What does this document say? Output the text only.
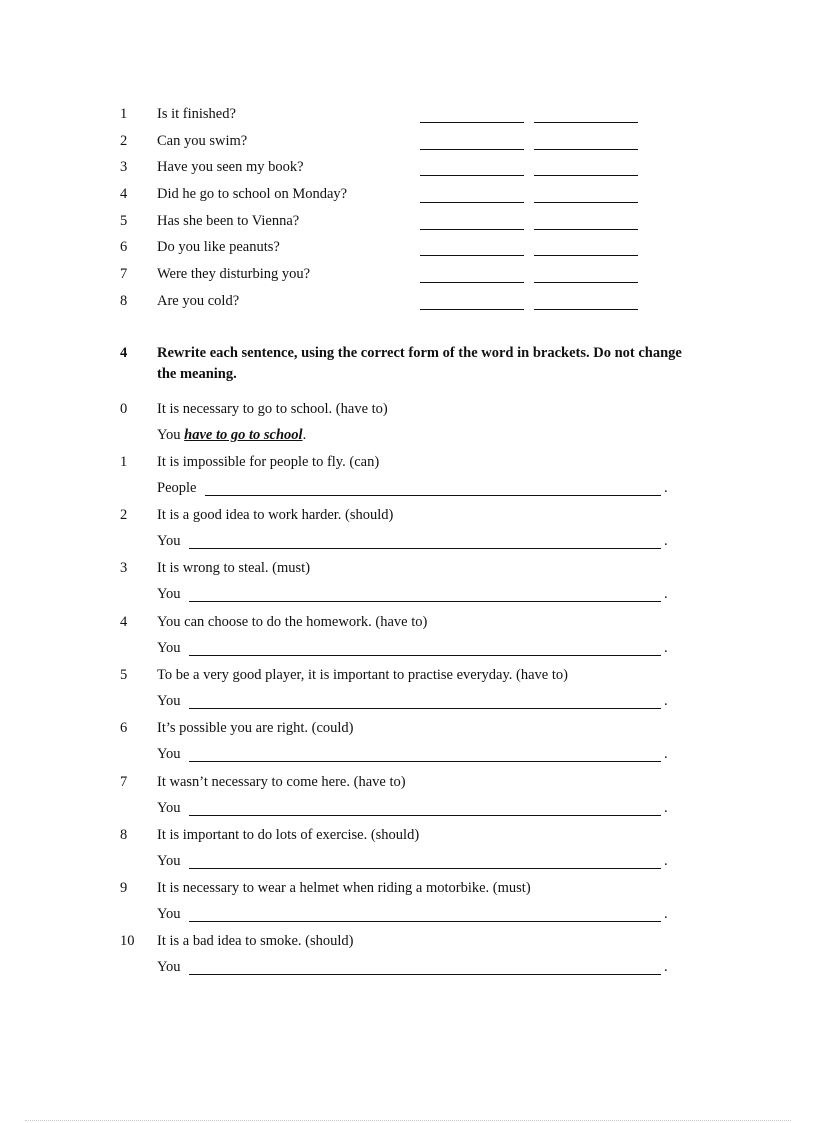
1 Is it finished?
2 Can you swim?
3 Have you seen my book?
4 Did he go to school on Monday?
5 Has she been to Vienna?
6 Do you like peanuts?
7 Were they disturbing you?
8 Are you cold?
4 Rewrite each sentence, using the correct form of the word in brackets. Do not change the meaning.
0 It is necessary to go to school. (have to)
You have to go to school.
1 It is impossible for people to fly. (can)
People	.
2 It is a good idea to work harder. (should)
You	.
3 It is wrong to steal. (must)
You	.
4 You can choose to do the homework. (have to)
You	.
5 To be a very good player, it is important to practise everyday. (have to)
You	.
6 It’s possible you are right. (could)
You	.
7 It wasn’t necessary to come here. (have to)
You	.
8 It is important to do lots of exercise. (should)
You	.
9 It is necessary to wear a helmet when riding a motorbike. (must)
You	.
10 It is a bad idea to smoke. (should)
You	.
